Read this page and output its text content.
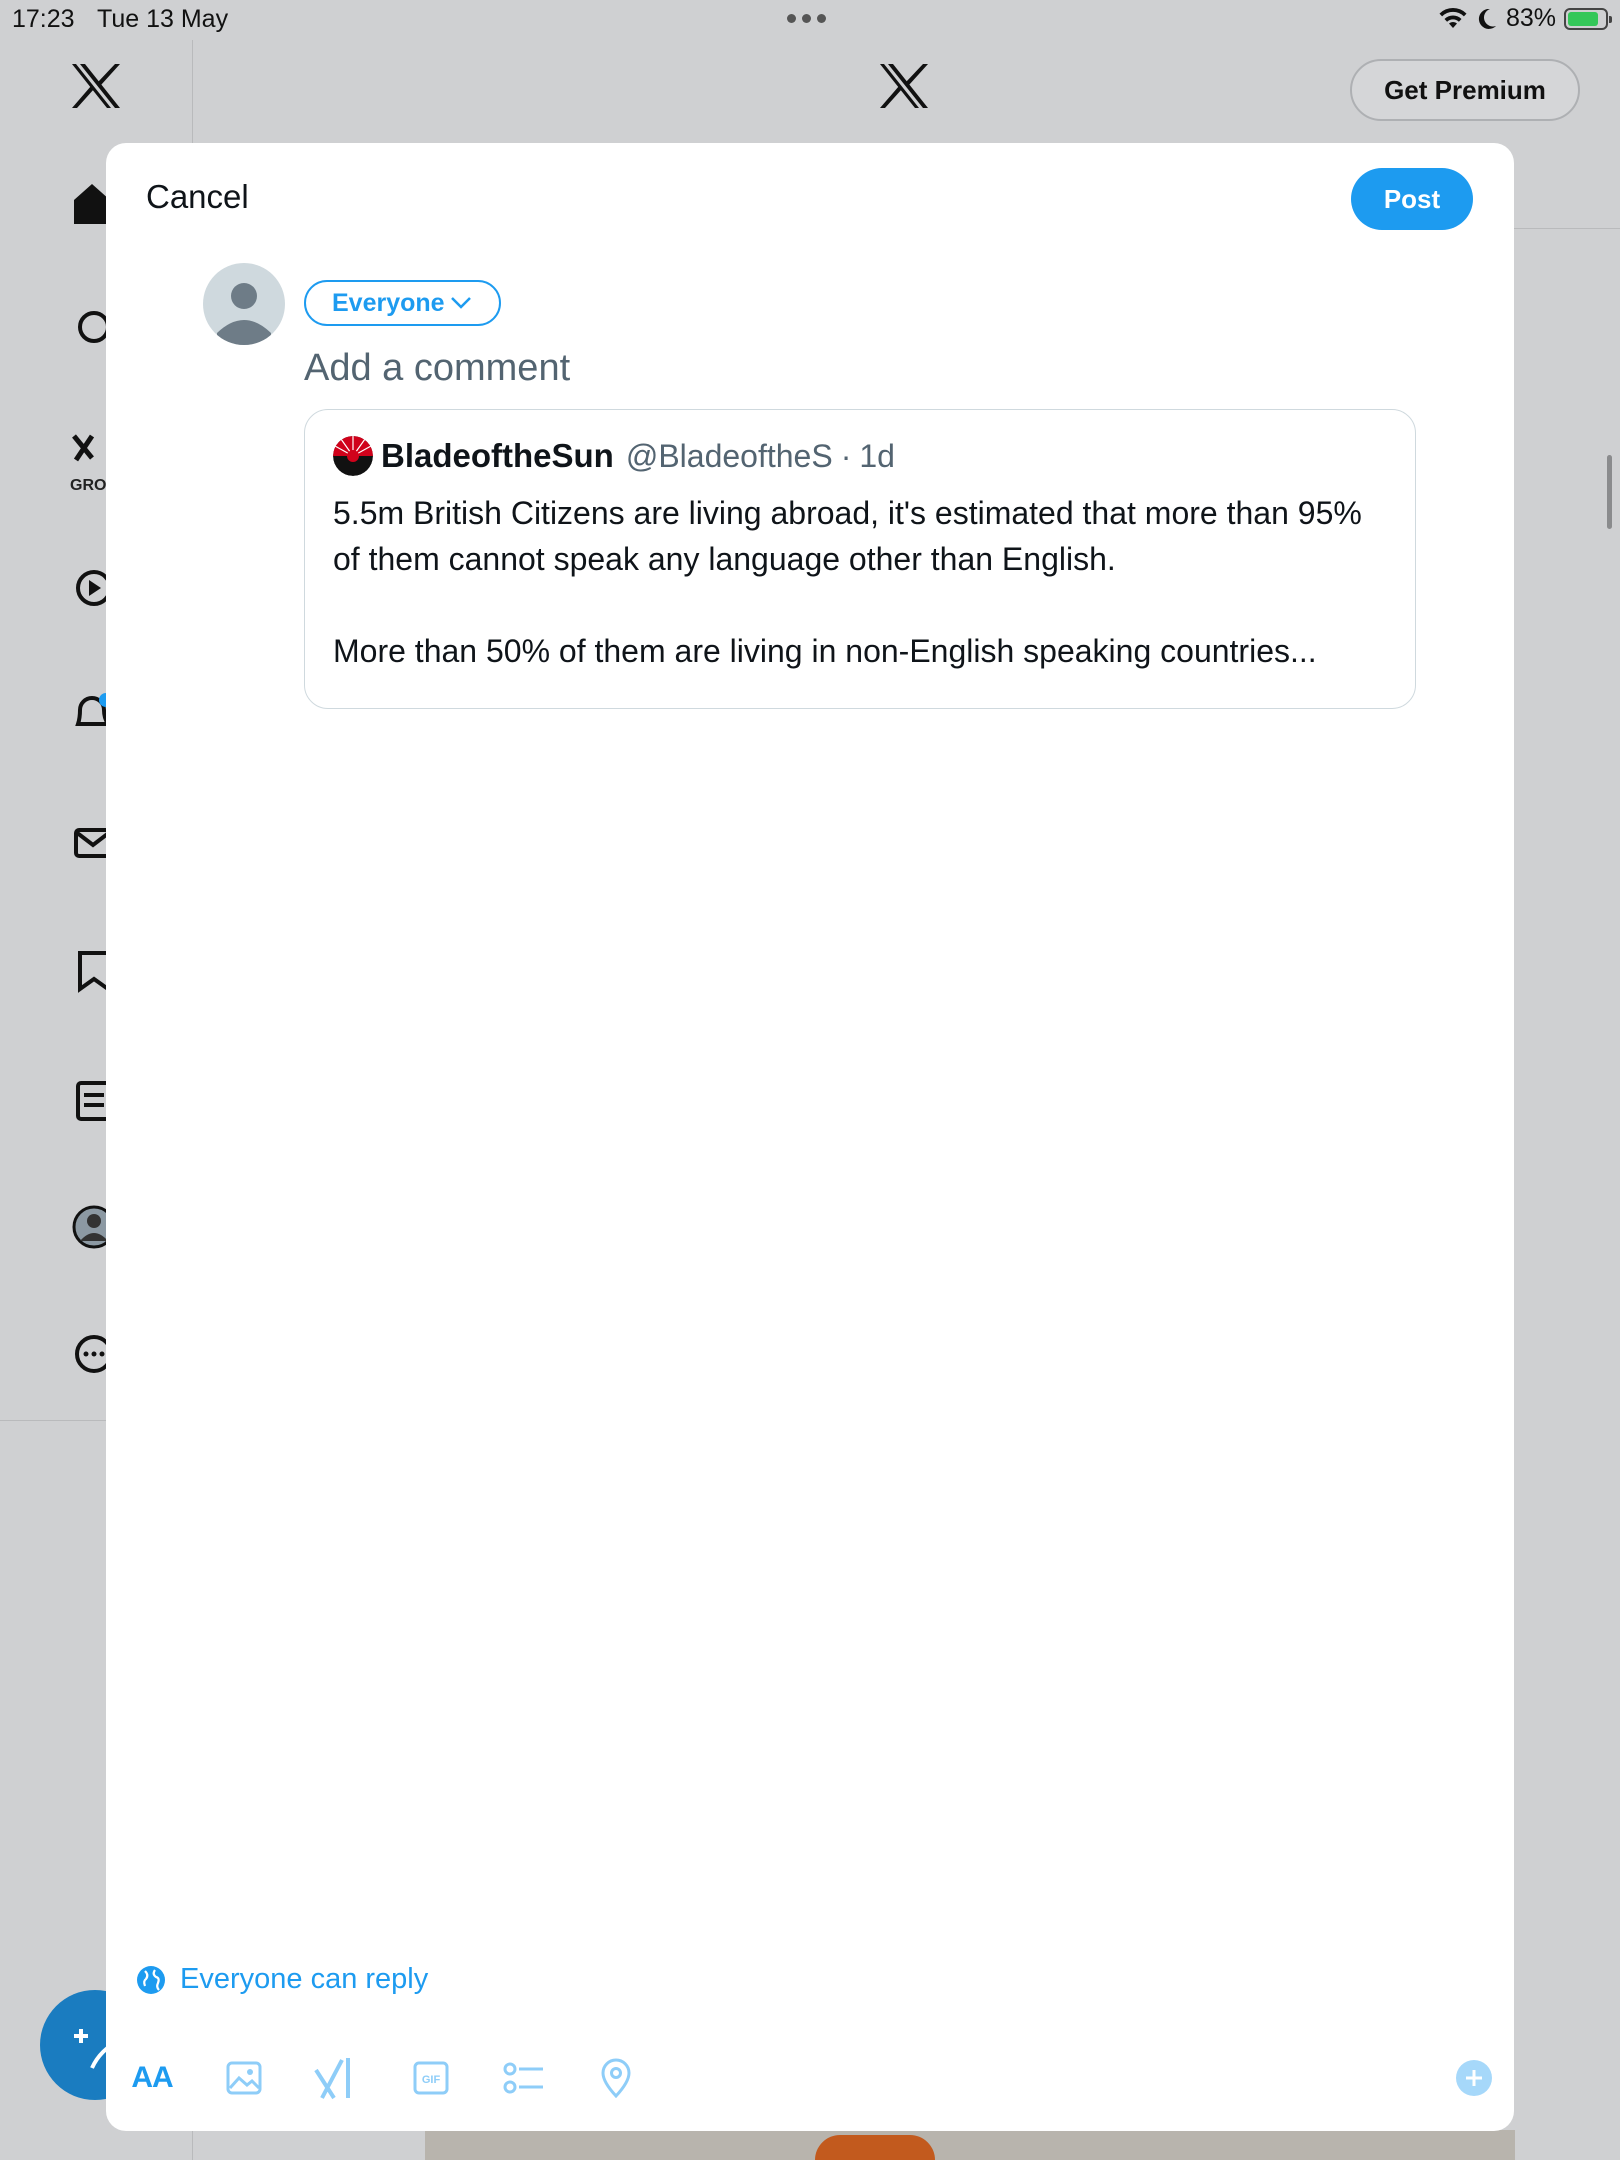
17:23 Tue 13 May	83%
Get Premium
GRO
Cancel	Post
Everyone
Add a comment
BladeoftheSun @BladeoftheS · 1d

5.5m British Citizens are living abroad, it's estimated that more than 95% of them cannot speak any language other than English.

More than 50% of them are living in non-English speaking countries...

Everyone can reply
AA	GIF
